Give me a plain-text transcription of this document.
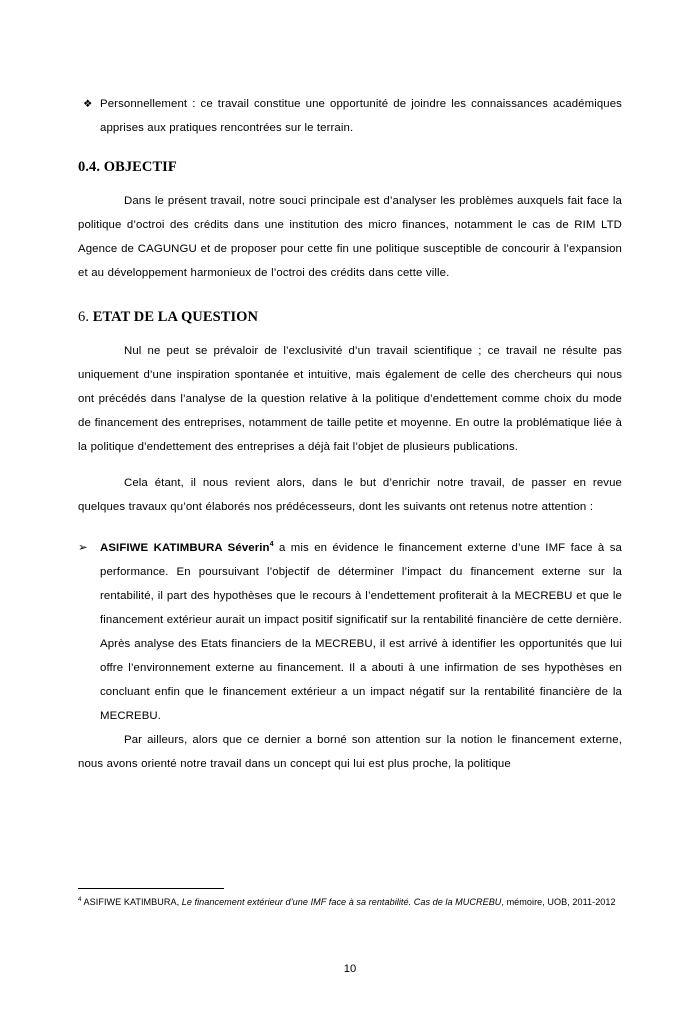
❖ Personnellement : ce travail constitue une opportunité de joindre les connaissances académiques apprises aux pratiques rencontrées sur le terrain.
0.4. OBJECTIF

Dans le présent travail, notre souci principale est d’analyser les problèmes auxquels fait face la politique d’octroi des crédits dans une institution des micro finances, notamment le cas de RIM LTD Agence de CAGUNGU et de proposer pour cette fin une politique susceptible de concourir à l’expansion et au développement harmonieux de l’octroi des crédits dans cette ville.

6. ETAT DE LA QUESTION

Nul ne peut se prévaloir de l’exclusivité d’un travail scientifique ; ce travail ne résulte pas uniquement d’une inspiration spontanée et intuitive, mais également de celle des chercheurs qui nous ont précédés dans l’analyse de la question relative à la politique d’endettement comme choix du mode de financement des entreprises, notamment de taille petite et moyenne. En outre la problématique liée à la politique d’endettement des entreprises a déjà fait l’objet de plusieurs publications.

Cela étant, il nous revient alors, dans le but d’enrichir notre travail, de passer en revue quelques travaux qu’ont élaborés nos prédécesseurs, dont les suivants ont retenus notre attention :

➢	ASIFIWE KATIMBURA Séverin$^4$ a mis en évidence le financement externe d’une IMF face à sa performance. En poursuivant l’objectif de déterminer l’impact du financement externe sur la rentabilité, il part des hypothèses que le recours à l’endettement profiterait à la MECREBU et que le financement extérieur aurait un impact positif significatif sur la rentabilité financière de cette dernière. Après analyse des Etats financiers de la MECREBU, il est arrivé à identifier les opportunités que lui offre l’environnement externe au financement. Il a abouti à une infirmation de ses hypothèses en concluant enfin que le financement extérieur a un impact négatif sur la rentabilité financière de la MECREBU.

Par ailleurs, alors que ce dernier a borné son attention sur la notion le financement externe, nous avons orienté notre travail dans un concept qui lui est plus proche, la politique

$^4$ ASIFIWE KATIMBURA, Le financement extérieur d’une IMF face à sa rentabilité. Cas de la MUCREBU, mémoire, UOB, 2011-2012

10
